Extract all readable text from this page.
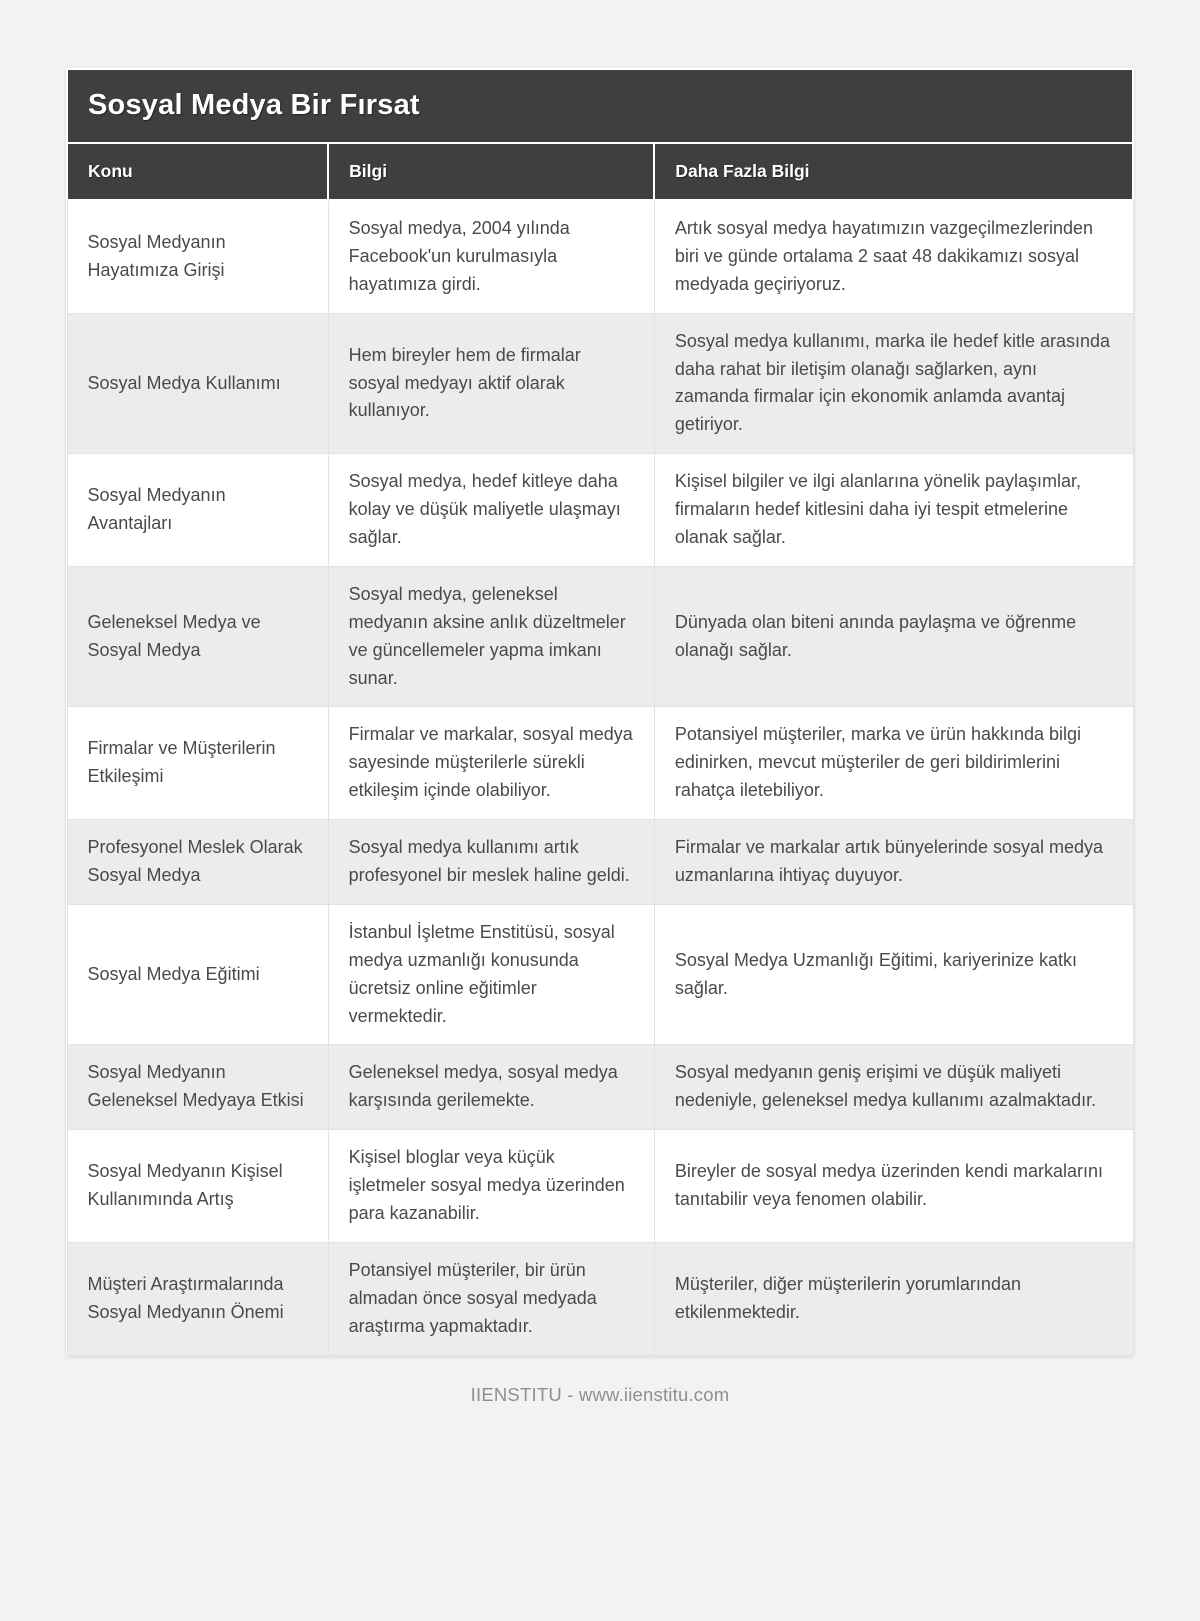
Sosyal Medya Bir Fırsat		
Konu	Bilgi	Daha Fazla Bilgi
Sosyal Medyanın Hayatımıza Girişi	Sosyal medya, 2004 yılında Facebook'un kurulmasıyla hayatımıza girdi.	Artık sosyal medya hayatımızın vazgeçilmezlerinden biri ve günde ortalama 2 saat 48 dakikamızı sosyal medyada geçiriyoruz.
Sosyal Medya Kullanımı	Hem bireyler hem de firmalar sosyal medyayı aktif olarak kullanıyor.	Sosyal medya kullanımı, marka ile hedef kitle arasında daha rahat bir iletişim olanağı sağlarken, aynı zamanda firmalar için ekonomik anlamda avantaj getiriyor.
Sosyal Medyanın Avantajları	Sosyal medya, hedef kitleye daha kolay ve düşük maliyetle ulaşmayı sağlar.	Kişisel bilgiler ve ilgi alanlarına yönelik paylaşımlar, firmaların hedef kitlesini daha iyi tespit etmelerine olanak sağlar.
Geleneksel Medya ve Sosyal Medya	Sosyal medya, geleneksel medyanın aksine anlık düzeltmeler ve güncellemeler yapma imkanı sunar.	Dünyada olan biteni anında paylaşma ve öğrenme olanağı sağlar.
Firmalar ve Müşterilerin Etkileşimi	Firmalar ve markalar, sosyal medya sayesinde müşterilerle sürekli etkileşim içinde olabiliyor.	Potansiyel müşteriler, marka ve ürün hakkında bilgi edinirken, mevcut müşteriler de geri bildirimlerini rahatça iletebiliyor.
Profesyonel Meslek Olarak Sosyal Medya	Sosyal medya kullanımı artık profesyonel bir meslek haline geldi.	Firmalar ve markalar artık bünyelerinde sosyal medya uzmanlarına ihtiyaç duyuyor.
Sosyal Medya Eğitimi	İstanbul İşletme Enstitüsü, sosyal medya uzmanlığı konusunda ücretsiz online eğitimler vermektedir.	Sosyal Medya Uzmanlığı Eğitimi, kariyerinize katkı sağlar.
Sosyal Medyanın Geleneksel Medyaya Etkisi	Geleneksel medya, sosyal medya karşısında gerilemekte.	Sosyal medyanın geniş erişimi ve düşük maliyeti nedeniyle, geleneksel medya kullanımı azalmaktadır.
Sosyal Medyanın Kişisel Kullanımında Artış	Kişisel bloglar veya küçük işletmeler sosyal medya üzerinden para kazanabilir.	Bireyler de sosyal medya üzerinden kendi markalarını tanıtabilir veya fenomen olabilir.
Müşteri Araştırmalarında Sosyal Medyanın Önemi	Potansiyel müşteriler, bir ürün almadan önce sosyal medyada araştırma yapmaktadır.	Müşteriler, diğer müşterilerin yorumlarından etkilenmektedir.
IIENSTITU - www.iienstitu.com
